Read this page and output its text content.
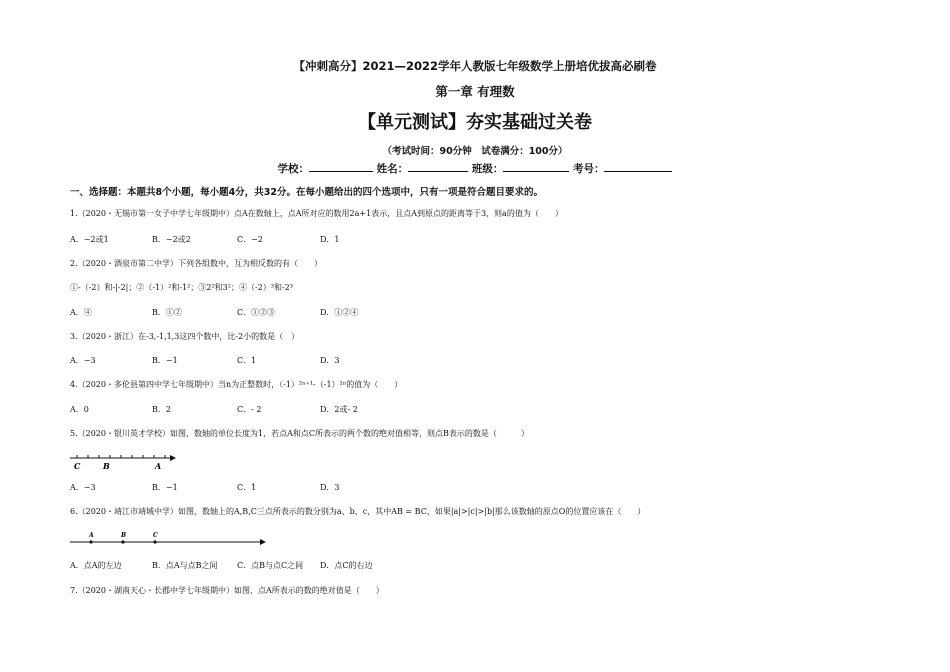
【冲刺高分】2021—2022学年人教版七年级数学上册培优拔高必刷卷
第一章 有理数
【单元测试】夯实基础过关卷
（考试时间：90分钟　试卷满分：100分）
学校：	姓名：	班级：	考号：
一、选择题：本题共8个小题，每小题4分，共32分。在每小题给出的四个选项中，只有一项是符合题目要求的。
1.（2020・无锡市第一女子中学七年级期中）点A在数轴上，点A所对应的数用2a+1表示，且点A到原点的距离等于3，则a的值为（　　）
A．−2或1	B．−2或2	C．−2	D．1
2.（2020・酒泉市第二中学）下列各组数中，互为相反数的有（　　）
①-（-2）和-|-2|；②（-1）²和-1²；③2²和3²；④（-2）³和-2³
A．④	B．①②	C．①②③	D．①②④
3.（2020・浙江）在-3,-1,1,3这四个数中，比-2小的数是（　）
A．−3	B．−1	C．1	D．3
4.（2020・多伦县第四中学七年级期中）当n为正整数时，（-1）²ⁿ⁺¹-（-1）²ⁿ的值为（　　）
A．0	B．2	C．- 2	D．2或- 2
5.（2020・银川英才学校）如图，数轴的单位长度为1，若点A和点C所表示的两个数的绝对值相等，则点B表示的数是（　　　）
C	B	A
A．−3	B．−1	C．1	D．3
6.（2020・靖江市靖城中学）如图，数轴上的A,B,C三点所表示的数分别为a、b、c，其中AB = BC，如果|a|>|c|>|b|那么该数轴的原点O的位置应该在（　　）
A	B	C
A．点A的左边	B．点A与点B之间 C．点B与点C之间 D．点C的右边
7.（2020・湖南天心・长郡中学七年级期中）如图，点A所表示的数的绝对值是（　　）
